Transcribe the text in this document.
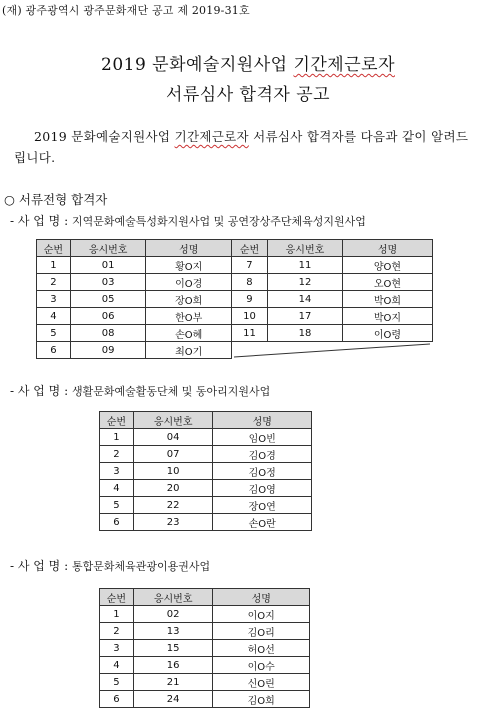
(재) 광주광역시 광주문화재단 공고 제 2019-31호
2019 문화예술지원사업 기간제근로자
서류심사 합격자 공고
2019 문화예술지원사업 기간제근로자 서류심사 합격자를 다음과 같이 알려드
립니다.
○ 서류전형 합격자
- 사 업 명 : 지역문화예술특성화지원사업 및 공연장상주단체육성지원사업
순번	응시번호	성명	순번	응시번호	성명
1	01	황O지	7	11	양O현
2	03	이O경	8	12	오O현
3	05	장O희	9	14	박O희
4	06	한O부	10	17	박O지
5	08	손O혜	11	18	이O령
6	09	최O기	
- 사 업 명 : 생활문화예술활동단체 및 동아리지원사업
순번	응시번호	성명
1	04	임O빈
2	07	김O경
3	10	김O정
4	20	김O영
5	22	장O연
6	23	손O란
- 사 업 명 : 통합문화체육관광이용권사업
순번	응시번호	성명
1	02	이O지
2	13	김O리
3	15	허O선
4	16	이O수
5	21	신O린
6	24	김O희
